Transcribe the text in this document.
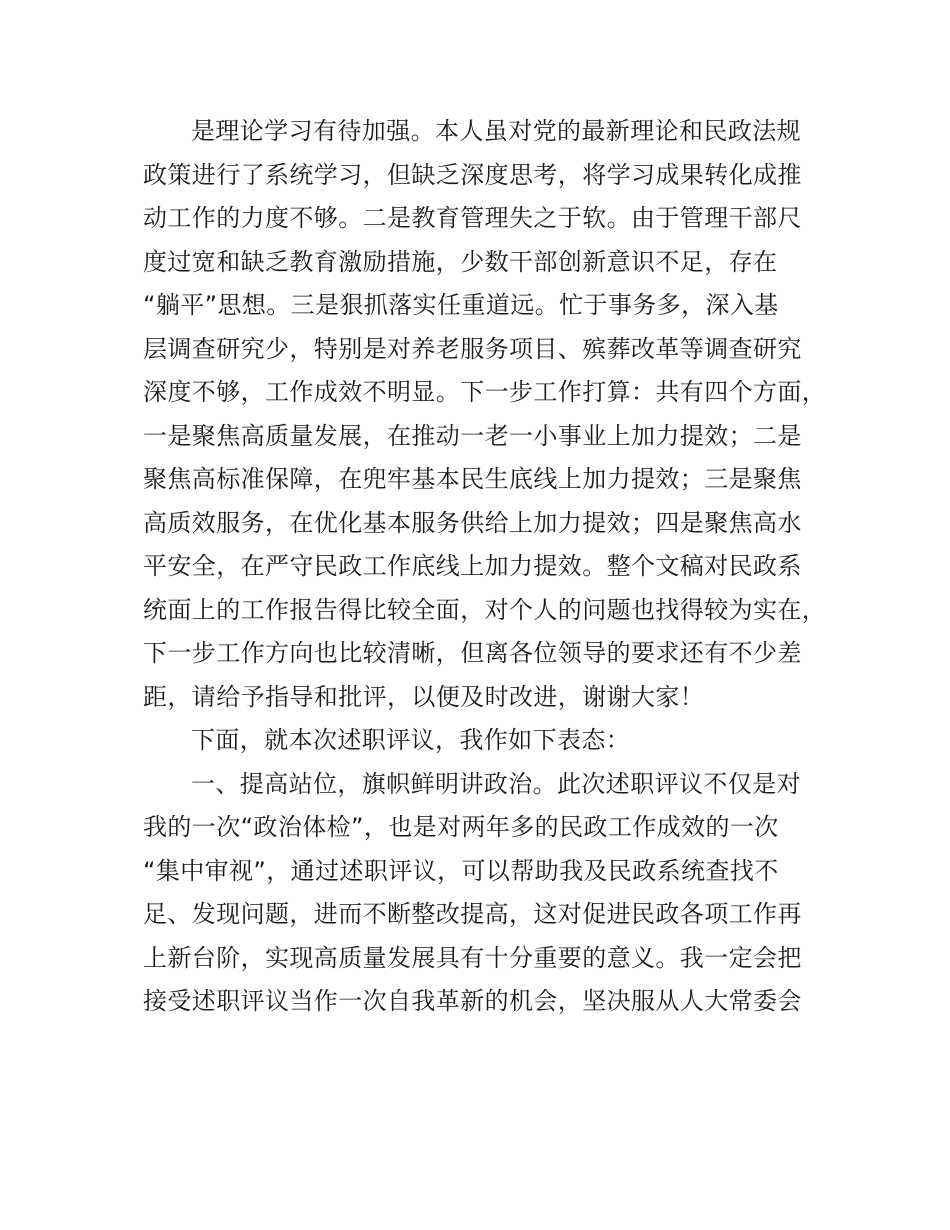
是理论学习有待加强。本人虽对党的最新理论和民政法规
政策进行了系统学习，但缺乏深度思考，将学习成果转化成推
动工作的力度不够。二是教育管理失之于软。由于管理干部尺
度过宽和缺乏教育激励措施，少数干部创新意识不足，存在
“躺平”思想。三是狠抓落实任重道远。忙于事务多，深入基
层调查研究少，特别是对养老服务项目、殡葬改革等调查研究
深度不够，工作成效不明显。下一步工作打算：共有四个方面，
一是聚焦高质量发展，在推动一老一小事业上加力提效；二是
聚焦高标准保障，在兜牢基本民生底线上加力提效；三是聚焦
高质效服务，在优化基本服务供给上加力提效；四是聚焦高水
平安全，在严守民政工作底线上加力提效。整个文稿对民政系
统面上的工作报告得比较全面，对个人的问题也找得较为实在，
下一步工作方向也比较清晰，但离各位领导的要求还有不少差
距，请给予指导和批评，以便及时改进，谢谢大家！
下面，就本次述职评议，我作如下表态：
一、提高站位，旗帜鲜明讲政治。此次述职评议不仅是对
我的一次“政治体检”，也是对两年多的民政工作成效的一次
“集中审视”，通过述职评议，可以帮助我及民政系统查找不
足、发现问题，进而不断整改提高，这对促进民政各项工作再
上新台阶，实现高质量发展具有十分重要的意义。我一定会把
接受述职评议当作一次自我革新的机会，坚决服从人大常委会
